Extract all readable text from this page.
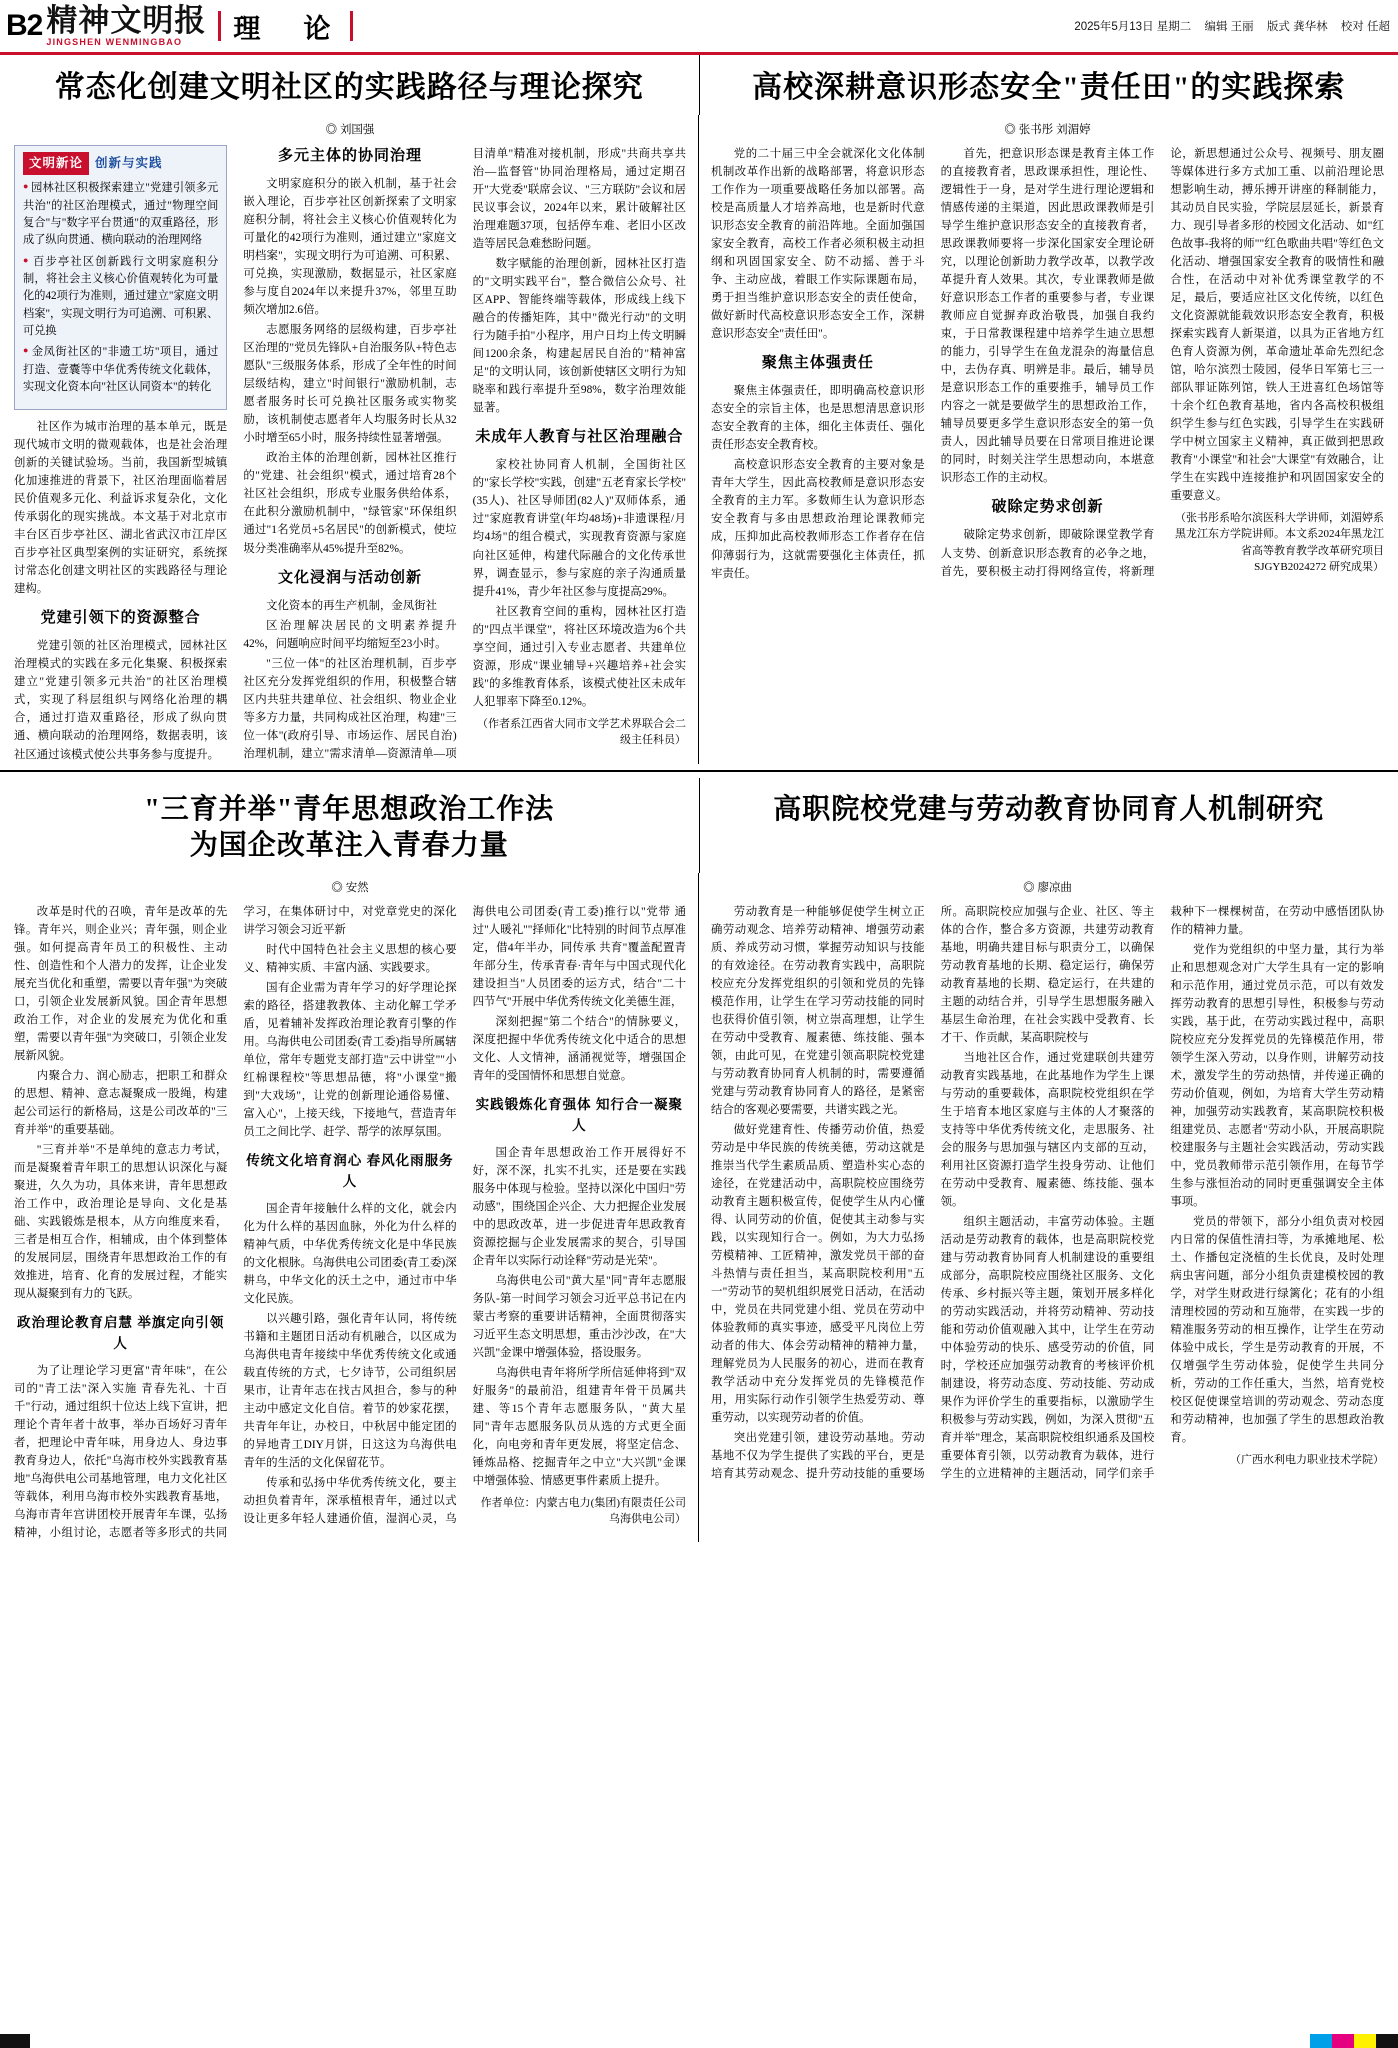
B2 精神文明报
JINGSHEN WENMINGBAO	理　论	2025年5月13日 星期二 编辑 王丽 版式 龚华林 校对 任超
常态化创建文明社区的实践路径与理论探究	高校深耕意识形态安全"责任田"的实践探索
◎ 刘国强
文明新论 创新与实践
● 园林社区积极探索建立"党建引领多元共治"的社区治理模式，通过"物理空间复合"与"数字平台贯通"的双重路径，形成了纵向贯通、横向联动的治理网络
● 百步亭社区创新践行文明家庭积分制，将社会主义核心价值观转化为可量化的42项行为准则，通过建立"家庭文明档案"，实现文明行为可追溯、可积累、可兑换
● 金凤街社区的"非遗工坊"项目，通过打造、壹囊等中华优秀传统文化载体，实现文化资本向"社区认同资本"的转化

社区作为城市治理的基本单元，既是现代城市文明的微观载体，也是社会治理创新的关键试验场。当前，我国新型城镇化加速推进的背景下，社区治理面临着居民价值观多元化、利益诉求复杂化，文化传承弱化的现实挑战。本文基于对北京市丰台区百步亭社区、湖北省武汉市江岸区百步亭社区典型案例的实证研究，系统探讨常态化创建文明社区的实践路径与理论建构。

党建引领下的资源整合

党建引领的社区治理模式，园林社区治理模式的实践在多元化集聚、积极探索建立"党建引领多元共治"的社区治理模式，实现了科层组织与网络化治理的耦合，通过打造双重路径，形成了纵向贯通、横向联动的治理网络，数据表明，该社区通过该模式使公共事务参与度提升。

多元主体的协同治理

文明家庭积分的嵌入机制，基于社会嵌入理论，百步亭社区创新探索了文明家庭积分制，将社会主义核心价值观转化为可量化的42项行为准则，通过建立"家庭文明档案"，实现文明行为可追溯、可积累、可兑换，实现激励，数据显示，社区家庭参与度自2024年以来提升37%，邻里互助频次增加2.6倍。

志愿服务网络的层级构建，百步亭社区治理的"党员先锋队+自治服务队+特色志愿队"三级服务体系，形成了全年性的时间层级结构，建立"时间银行"激励机制，志愿者服务时长可兑换社区服务或实物奖励，该机制使志愿者年人均服务时长从32小时增至65小时，服务持续性显著增强。

政治主体的治理创新，园林社区推行的"党建、社会组织"模式，通过培育28个社区社会组织，形成专业服务供给体系，在此积分激励机制中，"绿管家"环保组织通过"1名党员+5名居民"的创新模式，使垃圾分类准确率从45%提升至82%。

文化浸润与活动创新

文化资本的再生产机制，金凤街社

区治理解决居民的文明素养提升42%，问题响应时间平均缩短至23小时。

"三位一体"的社区治理机制，百步亭社区充分发挥党组织的作用，积极整合辖区内共驻共建单位、社会组织、物业企业等多方力量，共同构成社区治理，构建"三位一体"(政府引导、市场运作、居民自治)治理机制，建立"需求清单—资源清单—项目清单"精准对接机制，形成"共商共享共治—监督管"协同治理格局，通过定期召开"大党委"联席会议、"三方联防"会议和居民议事会议，2024年以来，累计破解社区治理难题37项，包括停车难、老旧小区改造等居民急难愁盼问题。

数字赋能的治理创新，园林社区打造的"文明实践平台"，整合微信公众号、社区APP、智能终端等载体，形成线上线下融合的传播矩阵，其中"微光行动"的文明行为随手拍"小程序，用户日均上传文明瞬间1200余条，构建起居民自治的"精神富足"的文明认同，该创新使辖区文明行为知晓率和践行率提升至98%，数字治理效能显著。

未成年人教育与社区治理融合

家校社协同育人机制，全国街社区的"家长学校"实践，创建"五老育家长学校"(35人)、社区导师团(82人)"双师体系，通过"家庭教育讲堂(年均48场)+非遗课程/月均4场"的组合模式，实现教育资源与家庭向社区延伸，构建代际融合的文化传承世界，调查显示，参与家庭的亲子沟通质量提升41%，青少年社区参与度提高29%。

社区教育空间的重构，园林社区打造的"四点半课堂"，将社区环境改造为6个共享空间，通过引入专业志愿者、共建单位资源，形成"课业辅导+兴趣培养+社会实践"的多维教育体系，该模式使社区未成年人犯罪率下降至0.12%。

（作者系江西省大同市文学艺术界联合会二级主任科员）
◎ 张书彤 刘湄婷

党的二十届三中全会就深化文化体制机制改革作出新的战略部署，将意识形态工作作为一项重要战略任务加以部署。高校是高质量人才培养高地，也是新时代意识形态安全教育的前沿阵地。全面加强国家安全教育，高校工作者必须积极主动担纲和巩固国家安全、防不动摇、善于斗争、主动应战，着眼工作实际课题布局，勇于担当维护意识形态安全的责任使命，做好新时代高校意识形态安全工作，深耕意识形态安全"责任田"。

聚焦主体强责任

聚焦主体强责任，即明确高校意识形态安全的宗旨主体，也是思想清思意识形态安全教育的主体，细化主体责任、强化责任形态安全教育校。

高校意识形态安全教育的主要对象是青年大学生，因此高校教师是意识形态安全教育的主力军。多数师生认为意识形态安全教育与多由思想政治理论课教师完成，压抑加此高校教师形态工作者存在信仰薄弱行为，这就需要强化主体责任，抓牢责任。

首先，把意识形态课是教育主体工作的直接教育者，思政课承担性，理论性、逻辑性于一身，是对学生进行理论逻辑和情感传递的主渠道，因此思政课教师是引导学生维护意识形态安全的直接教育者，思政课教师要将一步深化国家安全理论研究，以理论创新助力教学改革，以教学改革提升育人效果。其次，专业课教师是做好意识形态工作者的重要参与者，专业课教师应自觉摒弃政治敬畏，加强自我约束，于日常教课程建中培养学生迪立思想的能力，引导学生在鱼龙混杂的海量信息中，去伪存真、明辨是非。最后，辅导员是意识形态工作的重要推手，辅导员工作内容之一就是要做学生的思想政治工作，辅导员要更多学生意识形态安全的第一负责人，因此辅导员要在日常项目推进论课的同时，时刻关注学生思想动向，本堪意识形态工作的主动权。

破除定势求创新

破除定势求创新，即破除课堂教学育人支势、创新意识形态教育的必争之地，首先，要积极主动打得网络宣传，将新理论，新思想通过公众号、视频号、朋友圈等媒体进行多方式加工重、以前沿理论思想影响生动，搏乐搏开讲座的释制能力，其动员自民实验，学院层层延长，新景育力、现引导者多形的校园文化活动、如"红色故事-我将的师""红色歌曲共唱"等红色文化活动、增强国家安全教育的吸情性和融合性，在活动中对补优秀课堂教学的不足，最后，要适应社区文化传统，以红色文化资源就能载效识形态安全教育，积极探索实践育人新渠道，以具为正省地方红色育人资源为例，革命遗址革命先烈纪念馆，哈尔滨烈士陵园，侵华日军第七三一部队罪证陈列馆，铁人王进喜红色场馆等十余个红色教育基地，省内各高校积极组织学生参与红色实践，引导学生在实践研学中树立国家主义精神，真正做到把思政教育"小课堂"和社会"大课堂"有效融合，让学生在实践中连接推护和巩固国家安全的重要意义。

（张书彤系哈尔滨医科大学讲师，刘湄婷系黑龙江东方学院讲师。本文系2024年黑龙江省高等教育教学改革研究项目 SJGYB2024272 研究成果）
"三育并举"青年思想政治工作法
为国企改革注入青春力量
高职院校党建与劳动教育协同育人机制研究
◎ 安然

改革是时代的召唤，青年是改革的先锋。青年兴，则企业兴；青年强，则企业强。如何提高青年员工的积极性、主动性、创造性和个人潜力的发挥，让企业发展充当优化和重塑，需要以青年强"为突破口，引领企业发展新风貌。国企青年思想政治工作，对企业的发展充为优化和重塑，需要以青年强"为突破口，引领企业发展新风貌。

内聚合力、润心励志，把职工和群众的思想、精神、意志凝聚成一股绳，构建起公司运行的新格局，这是公司改革的"三育并举"的重要基础。

"三育并举"不是单纯的意志力考试，而是凝聚着青年职工的思想认识深化与凝聚进，久久为功，具体来讲，青年思想政治工作中，政治理论是导向、文化是基础、实践锻炼是根本，从方向维度来看，三者是相互合作，相辅成，由个体到整体的发展同层，围绕青年思想政治工作的有效推进，培育、化育的发展过程，才能实现从凝聚到有力的飞跃。

政治理论教育启慧 举旗定向引领人

为了让理论学习更富"青年味"，在公司的"青工法"深入实施 青春先礼、十百千"行动，通过组织十位达上线下宣讲，把理论个青年者十故事，举办百场好习青年者，把理论中青年味，用身边人、身边事教育身边人，依托"乌海市校外实践教育基地"乌海供电公司基地管理，电力文化社区等载体，利用乌海市校外实践教育基地，乌海市青年宫讲团校开展青年车课，弘扬精神，小组讨论，志愿者等多形式的共同学习，在集体研讨中，对党章党史的深化讲学习领会习近平新

时代中国特色社会主义思想的核心要义、精神实质、丰富内涵、实践要求。

国有企业需为青年学习的好学理论探索的路径，搭建教教体、主动化解工学矛盾，见着辅补发挥政治理论教育引擎的作用。乌海供电公司团委(青工委)指导所属辖单位，常年专题党支部打造"云中讲堂""小红棉课程校"等思想品德，将"小课堂"搬到"大戏场"，让党的创新理论通俗易懂、富入心"，上接天线，下接地气，营造青年员工之间比学、赶学、帮学的浓厚氛围。

传统文化培育润心 春风化雨服务人

国企青年接触什么样的文化，就会内化为什么样的基因血脉，外化为什么样的精神气质，中华优秀传统文化是中华民族的文化根脉。乌海供电公司团委(青工委)深耕乌，中华文化的沃土之中，通过市中华文化民族。

以兴趣引路，强化青年认同，将传统书籍和主题团日活动有机融合，以区成为乌海供电青年接续中华优秀传统文化或通载直传统的方式，七夕诗节，公司组织居果市，让青年志在找古风担合，参与的种主动中感定文化自信。着节的妙家花摆，共青年年让，办校日，中秋居中能定团的的异地青工DIY月饼，日这这为乌海供电青年的生活的文化保留花节。

传承和弘扬中华优秀传统文化，要主动担负着青年，深承植根青年，通过以式设让更多年轻人建通价值，湿润心灵，乌海供电公司团委(青工委)推行以"党带 通过"人暖礼""择师化"比特别的时间节点厚准定，借4年半办，同传承 共育"覆盖配置青年部分生，传承青春·青年与中国式现代化建设担当"人员团委的运方式，结合"二十四节气"开展中华优秀传统文化美德生涯，

深刻把握"第二个结合"的情脉要义，深度把握中华优秀传统文化中适合的思想文化、人文情神，涵涌视觉等，增强国企青年的受国情怀和思想自觉意。

实践锻炼化育强体 知行合一凝聚人

国企青年思想政治工作开展得好不好，深不深，扎实不扎实，还是要在实践服务中体现与检验。坚持以深化中国归"劳动感"，围绕国企兴企、大力把握企业发展中的思政改革，进一步促进青年思政教育资源挖掘与企业发展需求的契合，引导国企青年以实际行动诠释"劳动是光荣"。

乌海供电公司"黄大星"同"青年志愿服务队-第一时间学习领会习近平总书记在内蒙古考察的重要讲话精神，全面贯彻落实习近平生态文明思想，重击沙沙改，在"大兴凯"金课中增强体验，搭设服务。

乌海供电青年将所学所信延伸将到"双好服务"的最前沿，组建青年骨干员属共建、等15个青年志愿服务队，"黄大星同"青年志愿服务队员从选的方式更全面化，向电旁和青年更发展，将坚定信念、锤炼品格、挖掘青年之中立"大兴凯"金课中增强体验、情感更事件素质上提升。

作者单位：内蒙古电力(集团)有限责任公司乌海供电公司）
◎ 廖凉曲

劳动教育是一种能够促使学生树立正确劳动观念、培养劳动精神、增强劳动素质、养成劳动习惯，掌握劳动知识与技能的有效途径。在劳动教育实践中，高职院校应充分发挥党组织的引领和党员的先锋模范作用，让学生在学习劳动技能的同时也获得价值引领，树立崇高理想，让学生在劳动中受教育、履素德、练技能、强本领，由此可见，在党建引领高职院校党建与劳动教育协同育人机制的时，需要遵循党建与劳动教育协同育人的路径，是紧密结合的客观必要需要，共谱实践之光。

做好党建育性、传播劳动价值，热爱劳动是中华民族的传统美德，劳动这就是推崇当代学生素质品质、塑造朴实心态的途径，在党建活动中，高职院校应围绕劳动教育主题积极宣传，促使学生从内心懂得、认同劳动的价值，促使其主动参与实践，以实现知行合一。例如，为大力弘扬劳模精神、工匠精神，激发党员干部的奋斗热情与责任担当，某高职院校利用"五一"劳动节的契机组织展党日活动，在活动中，党员在共同党建小组、党员在劳动中体验教师的真实事迹，感受平凡岗位上劳动者的伟大、体会劳动精神的精神力量，理解党员为人民服务的初心，进而在教育教学活动中充分发挥党员的先锋模范作用，用实际行动作引领学生热爱劳动、尊重劳动，以实现劳动者的价值。

突出党建引领，建设劳动基地。劳动基地不仅为学生提供了实践的平台，更是培育其劳动观念、提升劳动技能的重要场所。高职院校应加强与企业、社区、等主体的合作，整合多方资源，共建劳动教育基地，明确共建目标与职责分工，以确保劳动教育基地的长期、稳定运行，确保劳动教育基地的长期、稳定运行，在共建的主题的动结合并，引导学生思想服务融入基层生命治理，在社会实践中受教育、长才干、作贡献，某高职院校与

当地社区合作，通过党建联创共建劳动教育实践基地，在此基地作为学生上课与劳动的重要载体，高职院校党组织在学生于培育本地区家庭与主体的人才聚落的支持等中华优秀传统文化，走思服务、社会的服务与思加强与辖区内支部的互动，利用社区资源打造学生投身劳动、让他们在劳动中受教育、履素德、练技能、强本领。

组织主题活动，丰富劳动体验。主题活动是劳动教育的载体，也是高职院校党建与劳动教育协同育人机制建设的重要组成部分，高职院校应围绕社区服务、文化传承、乡村振兴等主题，策划开展多样化的劳动实践活动，并将劳动精神、劳动技能和劳动价值观融入其中，让学生在劳动中体验劳动的快乐、感受劳动的价值，同时，学校还应加强劳动教育的考核评价机制建设，将劳动态度、劳动技能、劳动成果作为评价学生的重要指标，以激励学生积极参与劳动实践，例如，为深入贯彻"五育并举"理念，某高职院校组织通系及国校重要体育引领，以劳动教育为载体，进行学生的立进精神的主题活动，同学们亲手栽种下一棵棵树苗，在劳动中感悟团队协作的精神力量。

党作为党组织的中坚力量，其行为举止和思想观念对广大学生具有一定的影响和示范作用，通过党员示范，可以有效发挥劳动教育的思想引导性，积极参与劳动实践，基于此，在劳动实践过程中，高职院校应充分发挥党员的先锋模范作用，带领学生深入劳动，以身作则，讲解劳动技术，激发学生的劳动热情，并传递正确的劳动价值观，例如，为培育大学生劳动精神，加强劳动实践教育，某高职院校积极组建党员、志愿者"劳动小队，开展高职院校建服务与主题社会实践活动，劳动实践中，党员教师带示范引领作用，在每节学生参与涨恒治动的同时更重强调安全主体事项。

党员的带领下，部分小组负责对校园内日常的保值性清扫等，为承摊地尾、松土、作播包定浇植的生长优良，及时处理病虫害问题，部分小组负责建模校园的教学，对学生财政进行绿篱化；花有的小组清理校园的劳动和互施带，在实践一步的精准服务劳动的相互操作，让学生在劳动体验中成长，学生是劳动教育的开展，不仅增强学生劳动体验，促使学生共同分析，劳动的工作任重大，当然，培育党校校区促使课堂培训的劳动观念、劳动态度和劳动精神，也加强了学生的思想政治教育。

（广西水利电力职业技术学院）
